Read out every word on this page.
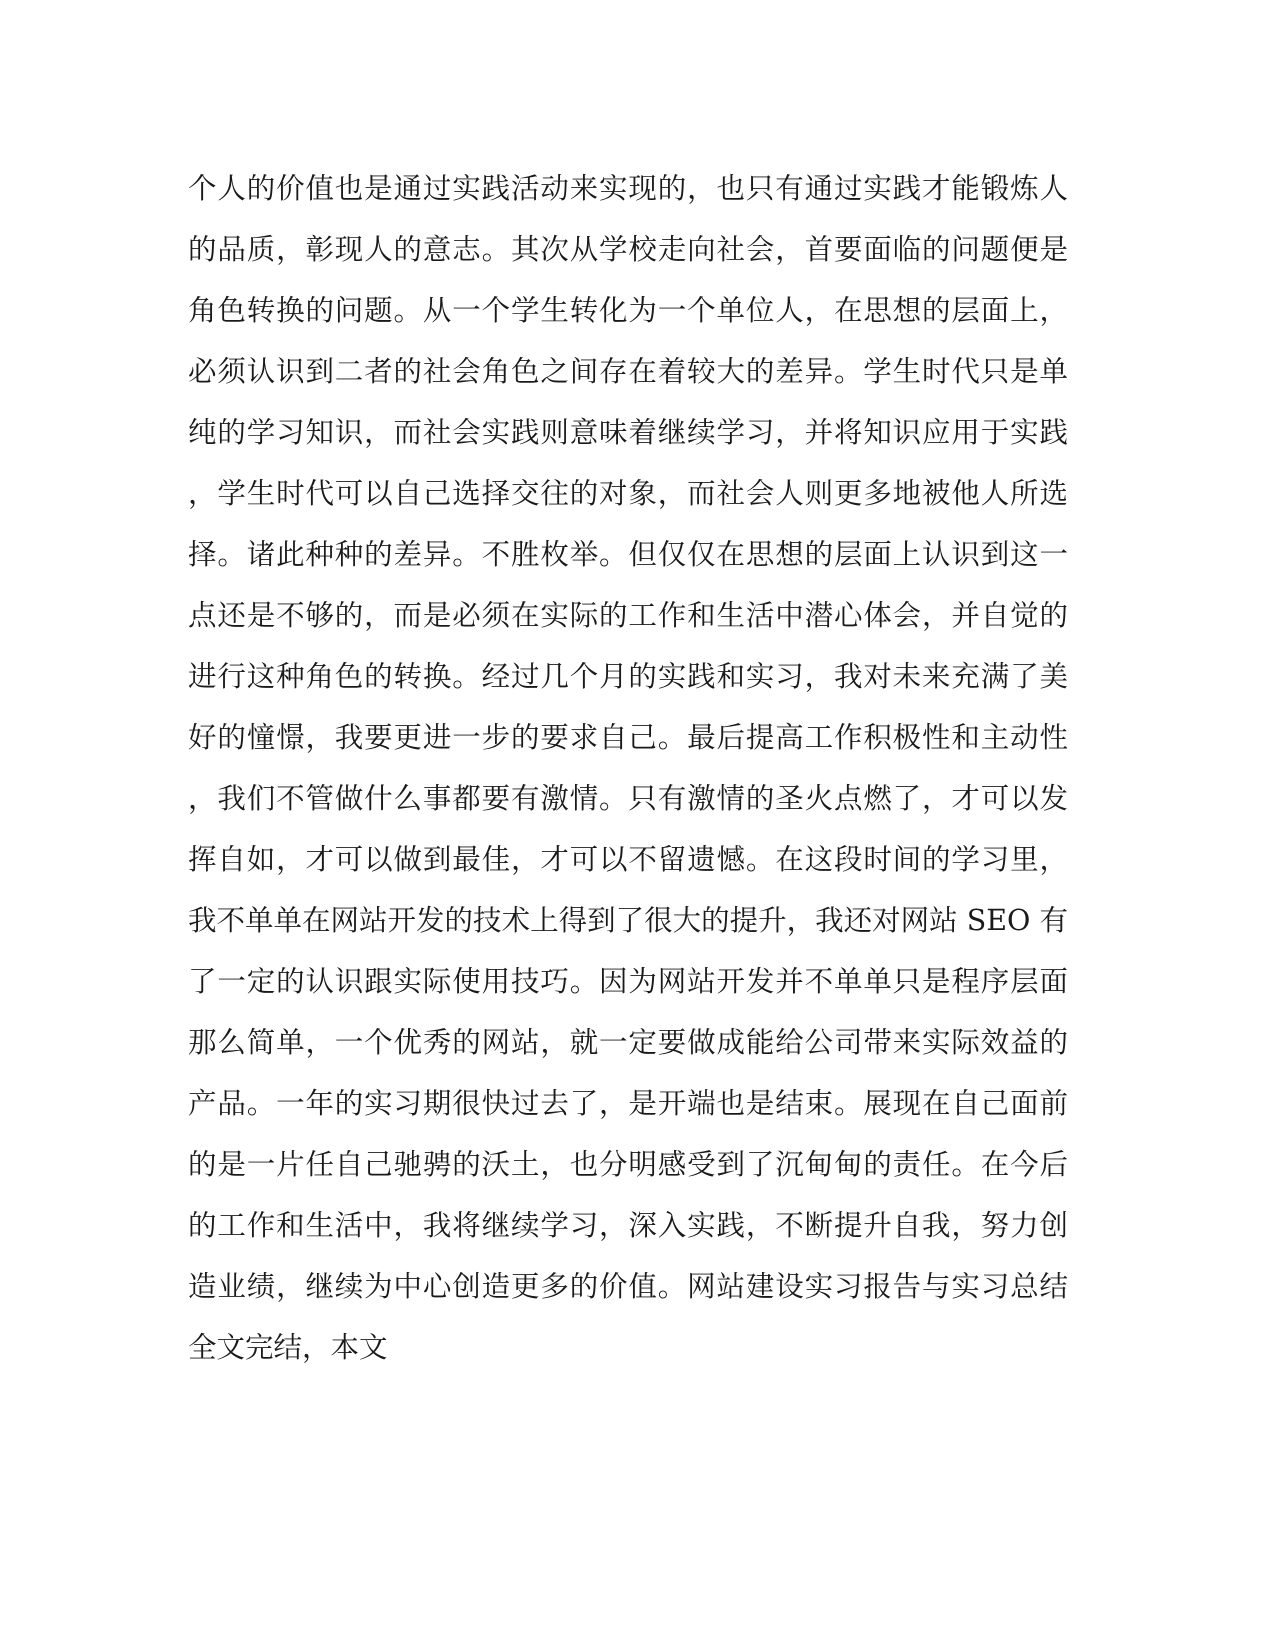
个人的价值也是通过实践活动来实现的，也只有通过实践才能锻炼人
的品质，彰现人的意志。其次从学校走向社会，首要面临的问题便是
角色转换的问题。从一个学生转化为一个单位人，在思想的层面上，
必须认识到二者的社会角色之间存在着较大的差异。学生时代只是单
纯的学习知识，而社会实践则意味着继续学习，并将知识应用于实践
，学生时代可以自己选择交往的对象，而社会人则更多地被他人所选
择。诸此种种的差异。不胜枚举。但仅仅在思想的层面上认识到这一
点还是不够的，而是必须在实际的工作和生活中潜心体会，并自觉的
进行这种角色的转换。经过几个月的实践和实习，我对未来充满了美
好的憧憬，我要更进一步的要求自己。最后提高工作积极性和主动性
，我们不管做什么事都要有激情。只有激情的圣火点燃了，才可以发
挥自如，才可以做到最佳，才可以不留遗憾。在这段时间的学习里，
我不单单在网站开发的技术上得到了很大的提升，我还对网站 SEO 有
了一定的认识跟实际使用技巧。因为网站开发并不单单只是程序层面
那么简单，一个优秀的网站，就一定要做成能给公司带来实际效益的
产品。一年的实习期很快过去了，是开端也是结束。展现在自己面前
的是一片任自己驰骋的沃土，也分明感受到了沉甸甸的责任。在今后
的工作和生活中，我将继续学习，深入实践，不断提升自我，努力创
造业绩，继续为中心创造更多的价值。网站建设实习报告与实习总结
全文完结，本文
